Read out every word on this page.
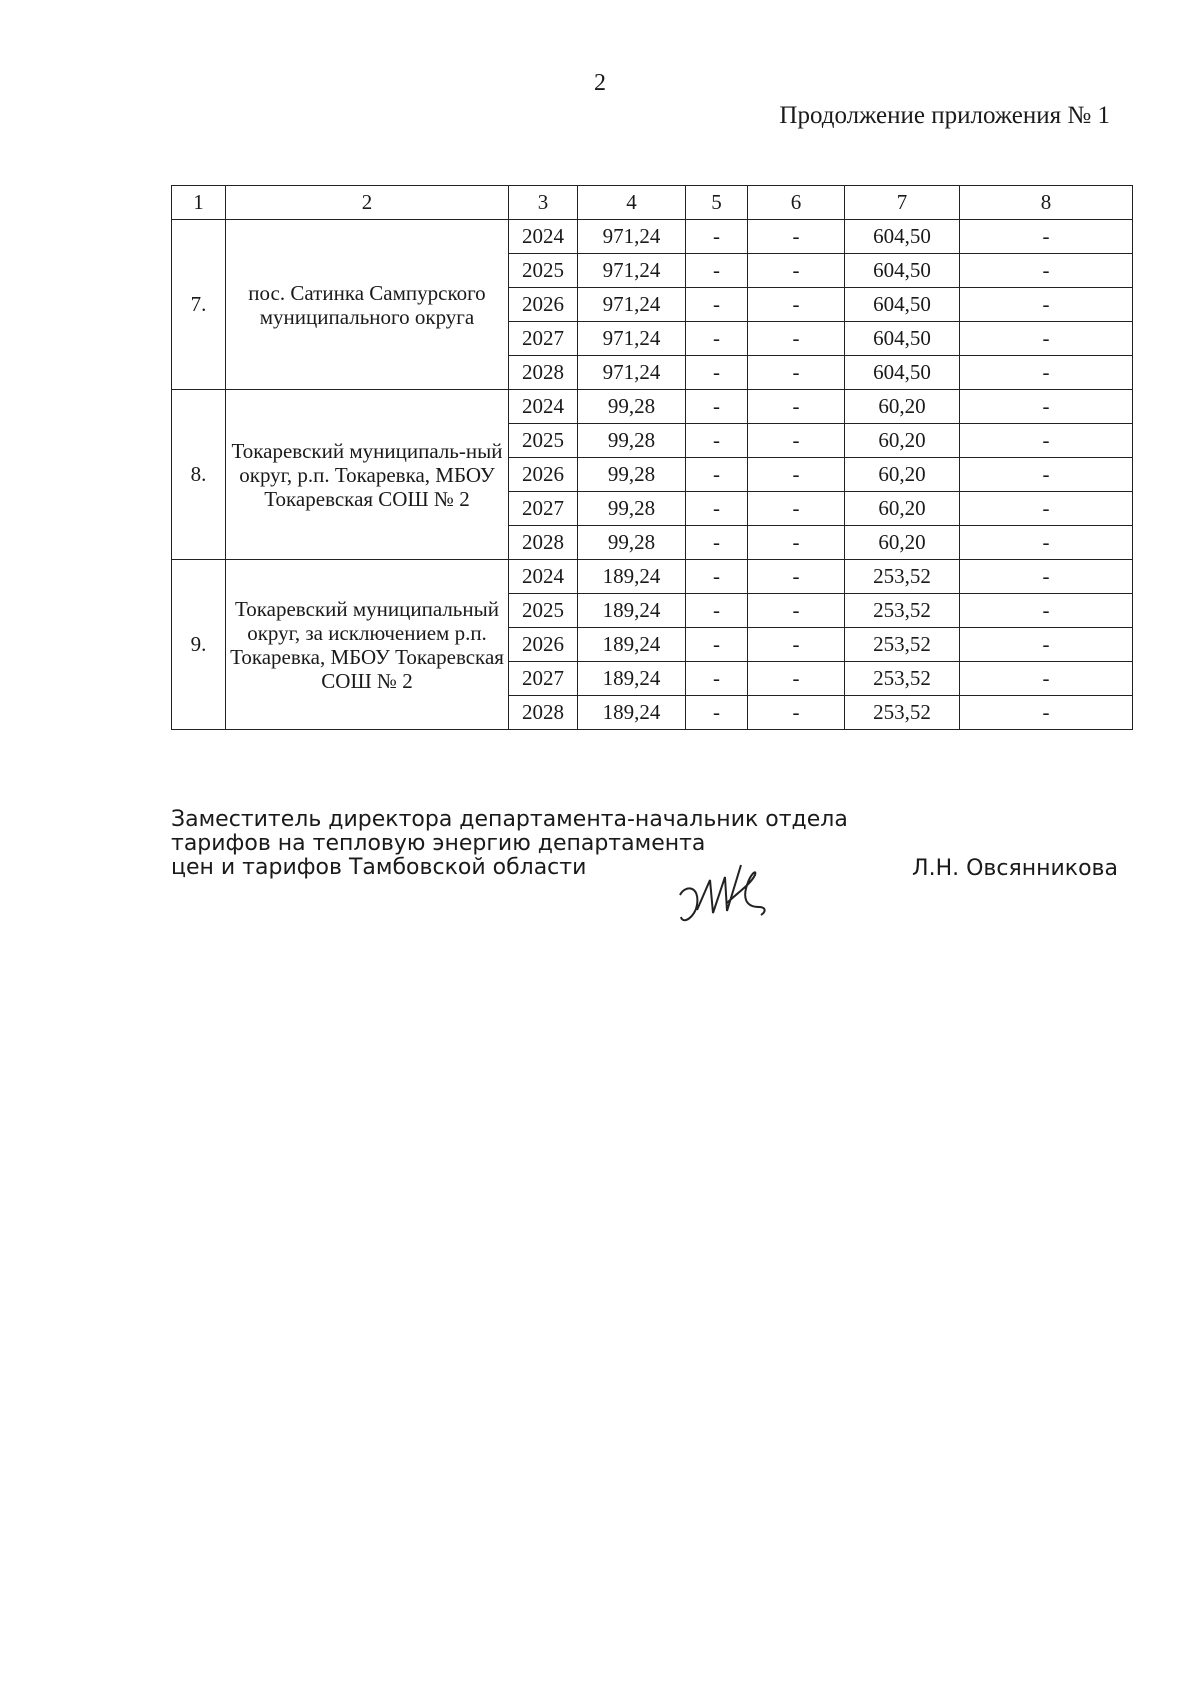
2
Продолжение приложения № 1
1	2	3	4	5	6	7	8
7.	пос. Сатинка Сампурского муниципального округа	2024	971,24	-	-	604,50	-
		2025	971,24	-	-	604,50	-
		2026	971,24	-	-	604,50	-
		2027	971,24	-	-	604,50	-
		2028	971,24	-	-	604,50	-
8.	Токаревский муниципаль-ный округ, р.п. Токаревка, МБОУ Токаревская СОШ № 2	2024	99,28	-	-	60,20	-
		2025	99,28	-	-	60,20	-
		2026	99,28	-	-	60,20	-
		2027	99,28	-	-	60,20	-
		2028	99,28	-	-	60,20	-
9.	Токаревский муниципальный округ, за исключением р.п. Токаревка, МБОУ Токаревская СОШ № 2	2024	189,24	-	-	253,52	-
		2025	189,24	-	-	253,52	-
		2026	189,24	-	-	253,52	-
		2027	189,24	-	-	253,52	-
		2028	189,24	-	-	253,52	-
Заместитель директора департамента-начальник отдела
тарифов на тепловую энергию департамента
цен и тарифов Тамбовской области	Л.Н. Овсянникова
